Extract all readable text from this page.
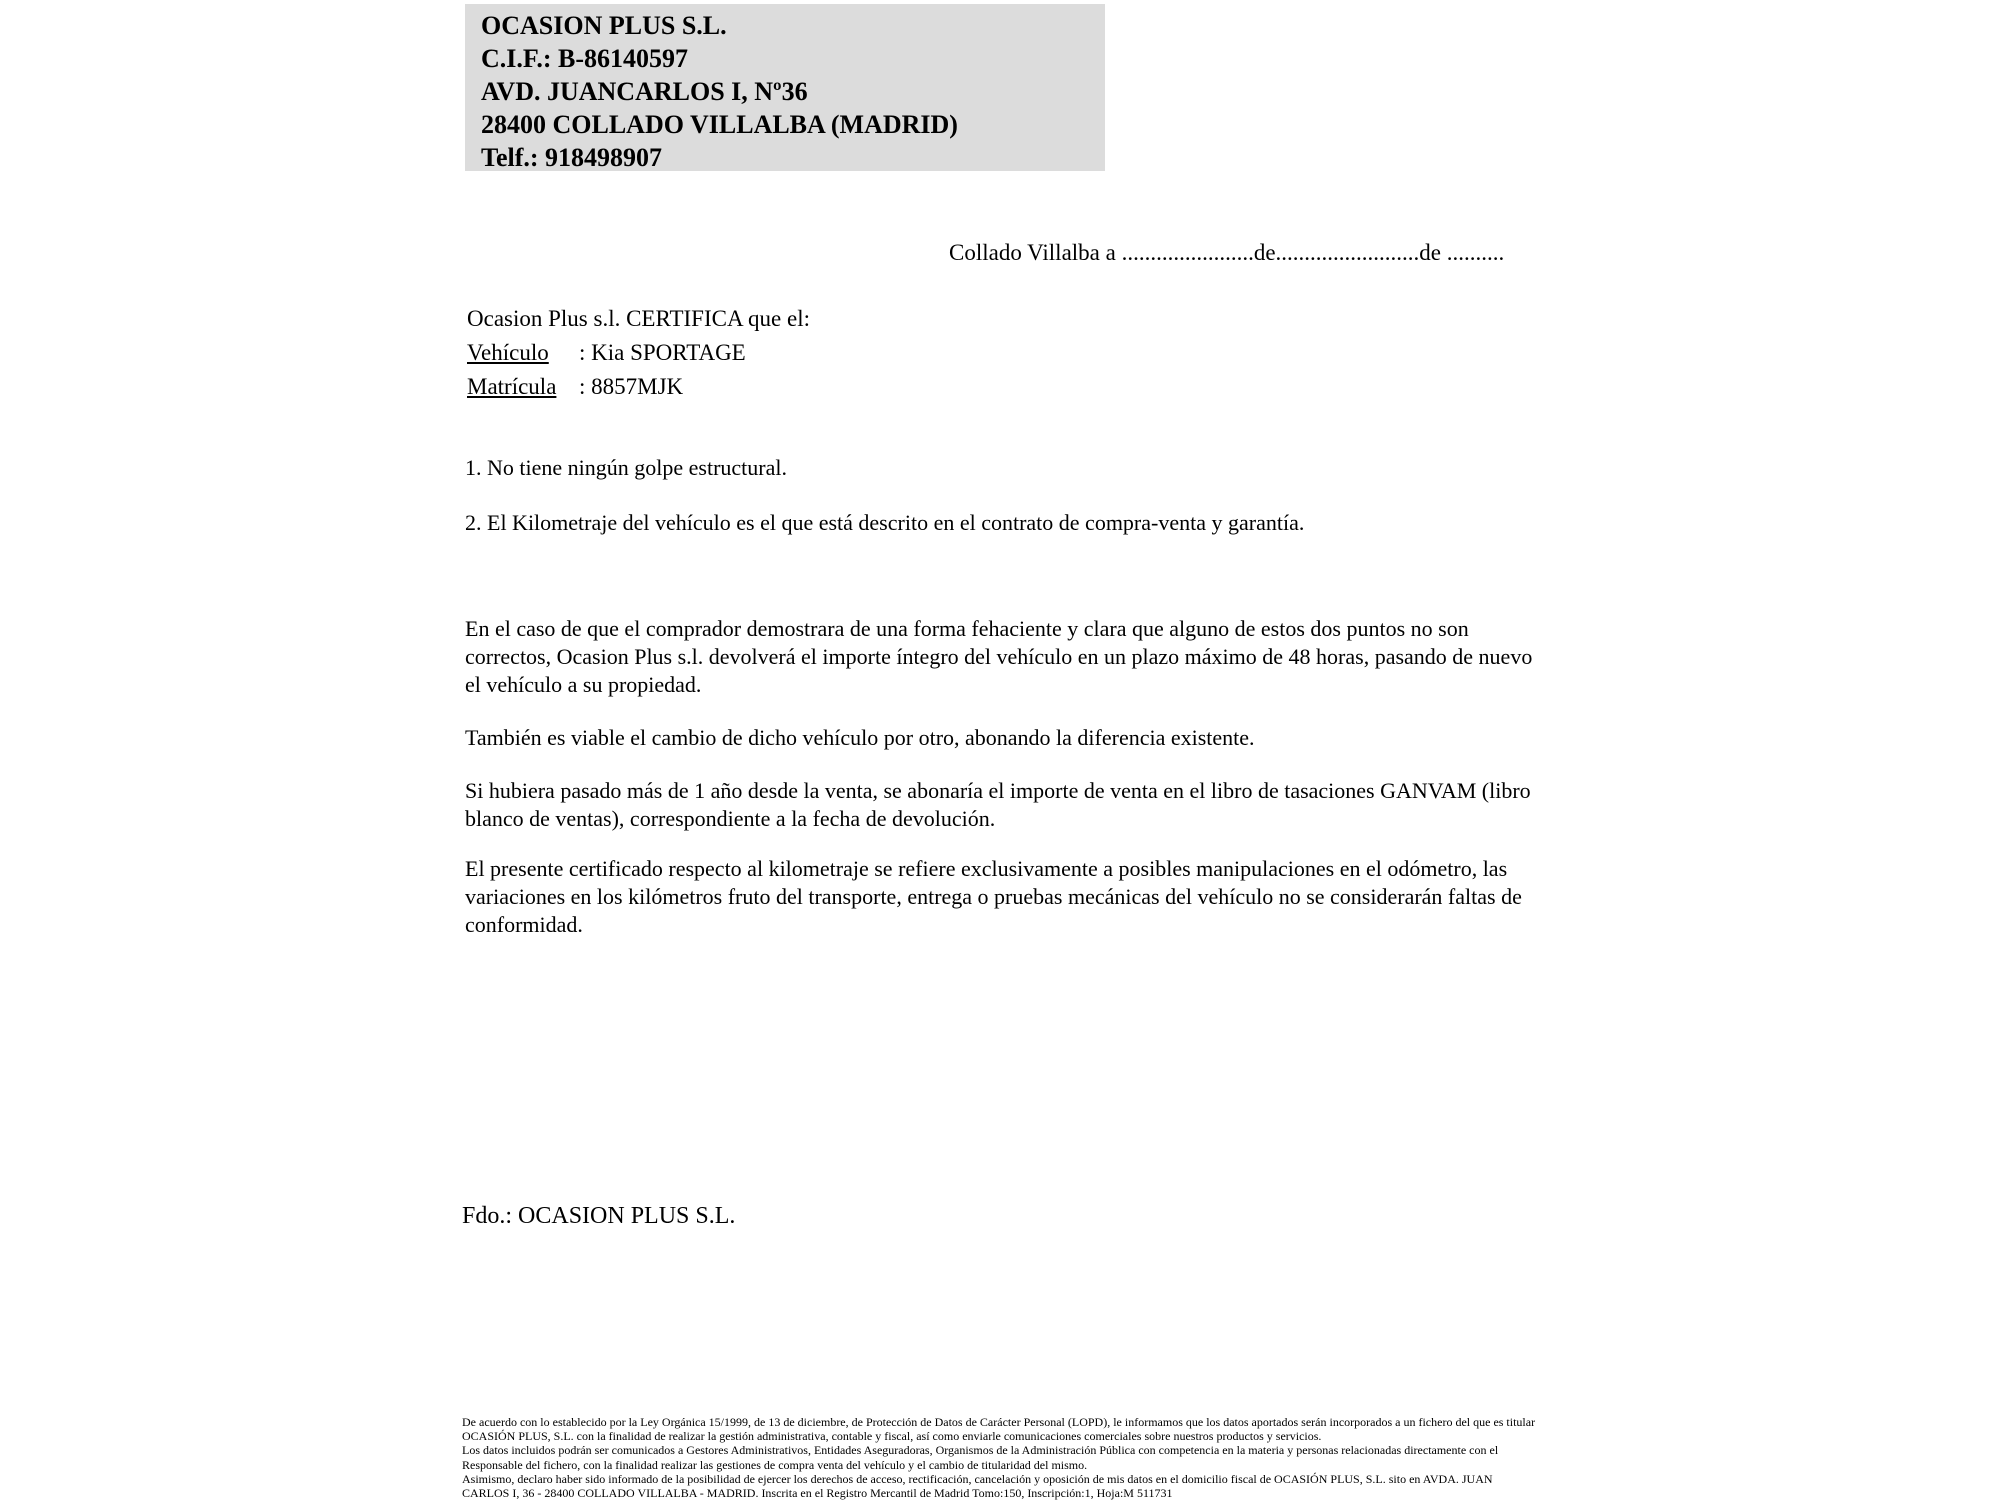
OCASION PLUS S.L.
C.I.F.: B-86140597
AVD. JUANCARLOS I, Nº36
28400 COLLADO VILLALBA (MADRID)
Telf.: 918498907
Collado Villalba a .......................de.........................de ..........
Ocasion Plus s.l. CERTIFICA que el:
Vehículo : Kia SPORTAGE
Matrícula : 8857MJK
1. No tiene ningún golpe estructural.
2. El Kilometraje del vehículo es el que está descrito en el contrato de compra-venta y garantía.
En el caso de que el comprador demostrara de una forma fehaciente y clara que alguno de estos dos puntos no son correctos, Ocasion Plus s.l. devolverá el importe íntegro del vehículo en un plazo máximo de 48 horas, pasando de nuevo el vehículo a su propiedad.
También es viable el cambio de dicho vehículo por otro, abonando la diferencia existente.
Si hubiera pasado más de 1 año desde la venta, se abonaría el importe de venta en el libro de tasaciones GANVAM (libro blanco de ventas), correspondiente a la fecha de devolución.
El presente certificado respecto al kilometraje se refiere exclusivamente a posibles manipulaciones en el odómetro, las variaciones en los kilómetros fruto del transporte, entrega o pruebas mecánicas del vehículo no se considerarán faltas de conformidad.
Fdo.: OCASION PLUS S.L.
De acuerdo con lo establecido por la Ley Orgánica 15/1999, de 13 de diciembre, de Protección de Datos de Carácter Personal (LOPD), le informamos que los datos aportados serán incorporados a un fichero del que es titular
OCASIÓN PLUS, S.L. con la finalidad de realizar la gestión administrativa, contable y fiscal, así como enviarle comunicaciones comerciales sobre nuestros productos y servicios.
Los datos incluidos podrán ser comunicados a Gestores Administrativos, Entidades Aseguradoras, Organismos de la Administración Pública con competencia en la materia y personas relacionadas directamente con el
Responsable del fichero, con la finalidad realizar las gestiones de compra venta del vehículo y el cambio de titularidad del mismo.
Asimismo, declaro haber sido informado de la posibilidad de ejercer los derechos de acceso, rectificación, cancelación y oposición de mis datos en el domicilio fiscal de OCASIÓN PLUS, S.L. sito en AVDA. JUAN
CARLOS I, 36 - 28400 COLLADO VILLALBA - MADRID. Inscrita en el Registro Mercantil de Madrid Tomo:150, Inscripción:1, Hoja:M 511731
